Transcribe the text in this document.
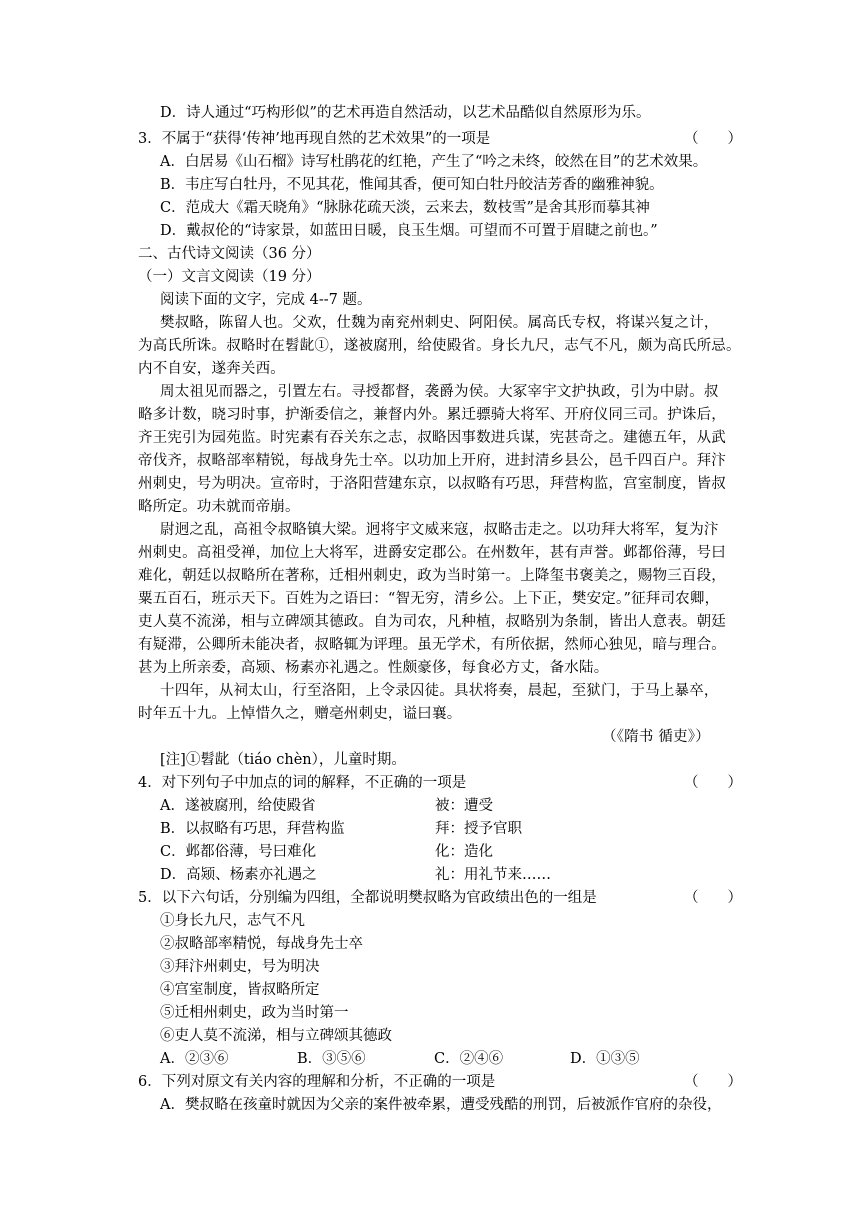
D．诗人通过“巧构形似”的艺术再造自然活动，以艺术品酷似自然原形为乐。
3．不属于“获得‘传神’地再现自然的艺术效果”的一项是	（　　）
A．白居易《山石榴》诗写杜鹃花的红艳，产生了“吟之未终，皎然在目”的艺术效果。
B．韦庄写白牡丹，不见其花，惟闻其香，便可知白牡丹皎洁芳香的幽雅神貌。
C．范成大《霜天晓角》“脉脉花疏天淡，云来去，数枝雪”是舍其形而摹其神
D．戴叔伦的“诗家景，如蓝田日暖，良玉生烟。可望而不可置于眉睫之前也。”
二、古代诗文阅读（36 分）
（一）文言文阅读（19 分）
阅读下面的文字，完成 4--7 题。
樊叔略，陈留人也。父欢，仕魏为南兖州刺史、阿阳侯。属高氏专权，将谋兴复之计，
为高氏所诛。叔略时在髫龀①，遂被腐刑，给使殿省。身长九尺，志气不凡，颇为高氏所忌。
内不自安，遂奔关西。
周太祖见而器之，引置左右。寻授都督，袭爵为侯。大冢宰宇文护执政，引为中尉。叔
略多计数，晓习时事，护渐委信之，兼督内外。累迁骠骑大将军、开府仪同三司。护诛后，
齐王宪引为园苑监。时宪素有吞关东之志，叔略因事数进兵谋，宪甚奇之。建德五年，从武
帝伐齐，叔略部率精锐，每战身先士卒。以功加上开府，进封清乡县公，邑千四百户。拜汴
州刺史，号为明决。宣帝时，于洛阳营建东京，以叔略有巧思，拜营构监，宫室制度，皆叔
略所定。功未就而帝崩。
尉迥之乱，高祖令叔略镇大梁。迥将宇文威来寇，叔略击走之。以功拜大将军，复为汴
州刺史。高祖受禅，加位上大将军，进爵安定郡公。在州数年，甚有声誉。邺都俗薄，号曰
难化，朝廷以叔略所在著称，迁相州刺史，政为当时第一。上降玺书褒美之，赐物三百段，
粟五百石，班示天下。百姓为之语曰：“智无穷，清乡公。上下正，樊安定。”征拜司农卿，
吏人莫不流涕，相与立碑颂其德政。自为司农，凡种植，叔略别为条制，皆出人意表。朝廷
有疑滞，公卿所未能决者，叔略辄为评理。虽无学术，有所依据，然师心独见，暗与理合。
甚为上所亲委，高颎、杨素亦礼遇之。性颇豪侈，每食必方丈，备水陆。
十四年，从祠太山，行至洛阳，上令录囚徒。具状将奏，晨起，至狱门，于马上暴卒，
时年五十九。上悼惜久之，赠亳州刺史，谥曰襄。
（《隋书 循吏》）
[注]①髫龀（tiáo chèn），儿童时期。
4．对下列句子中加点的词的解释，不正确的一项是	（　　）
A．遂被腐刑，给使殿省	被：遭受
B．以叔略有巧思，拜营构监	拜：授予官职
C．邺都俗薄，号曰难化	化：造化
D．高颎、杨素亦礼遇之	礼：用礼节来……
5．以下六句话，分别编为四组，全都说明樊叔略为官政绩出色的一组是	（　　）
①身长九尺，志气不凡
②叔略部率精悦，每战身先士卒
③拜汴州刺史，号为明决
④宫室制度，皆叔略所定
⑤迁相州刺史，政为当时第一
⑥吏人莫不流涕，相与立碑颂其德政
A．②③⑥	B．③⑤⑥	C．②④⑥	D．①③⑤
6．下列对原文有关内容的理解和分析，不正确的一项是	（　　）
A．樊叔略在孩童时就因为父亲的案件被牵累，遭受残酷的刑罚，后被派作官府的杂役，
